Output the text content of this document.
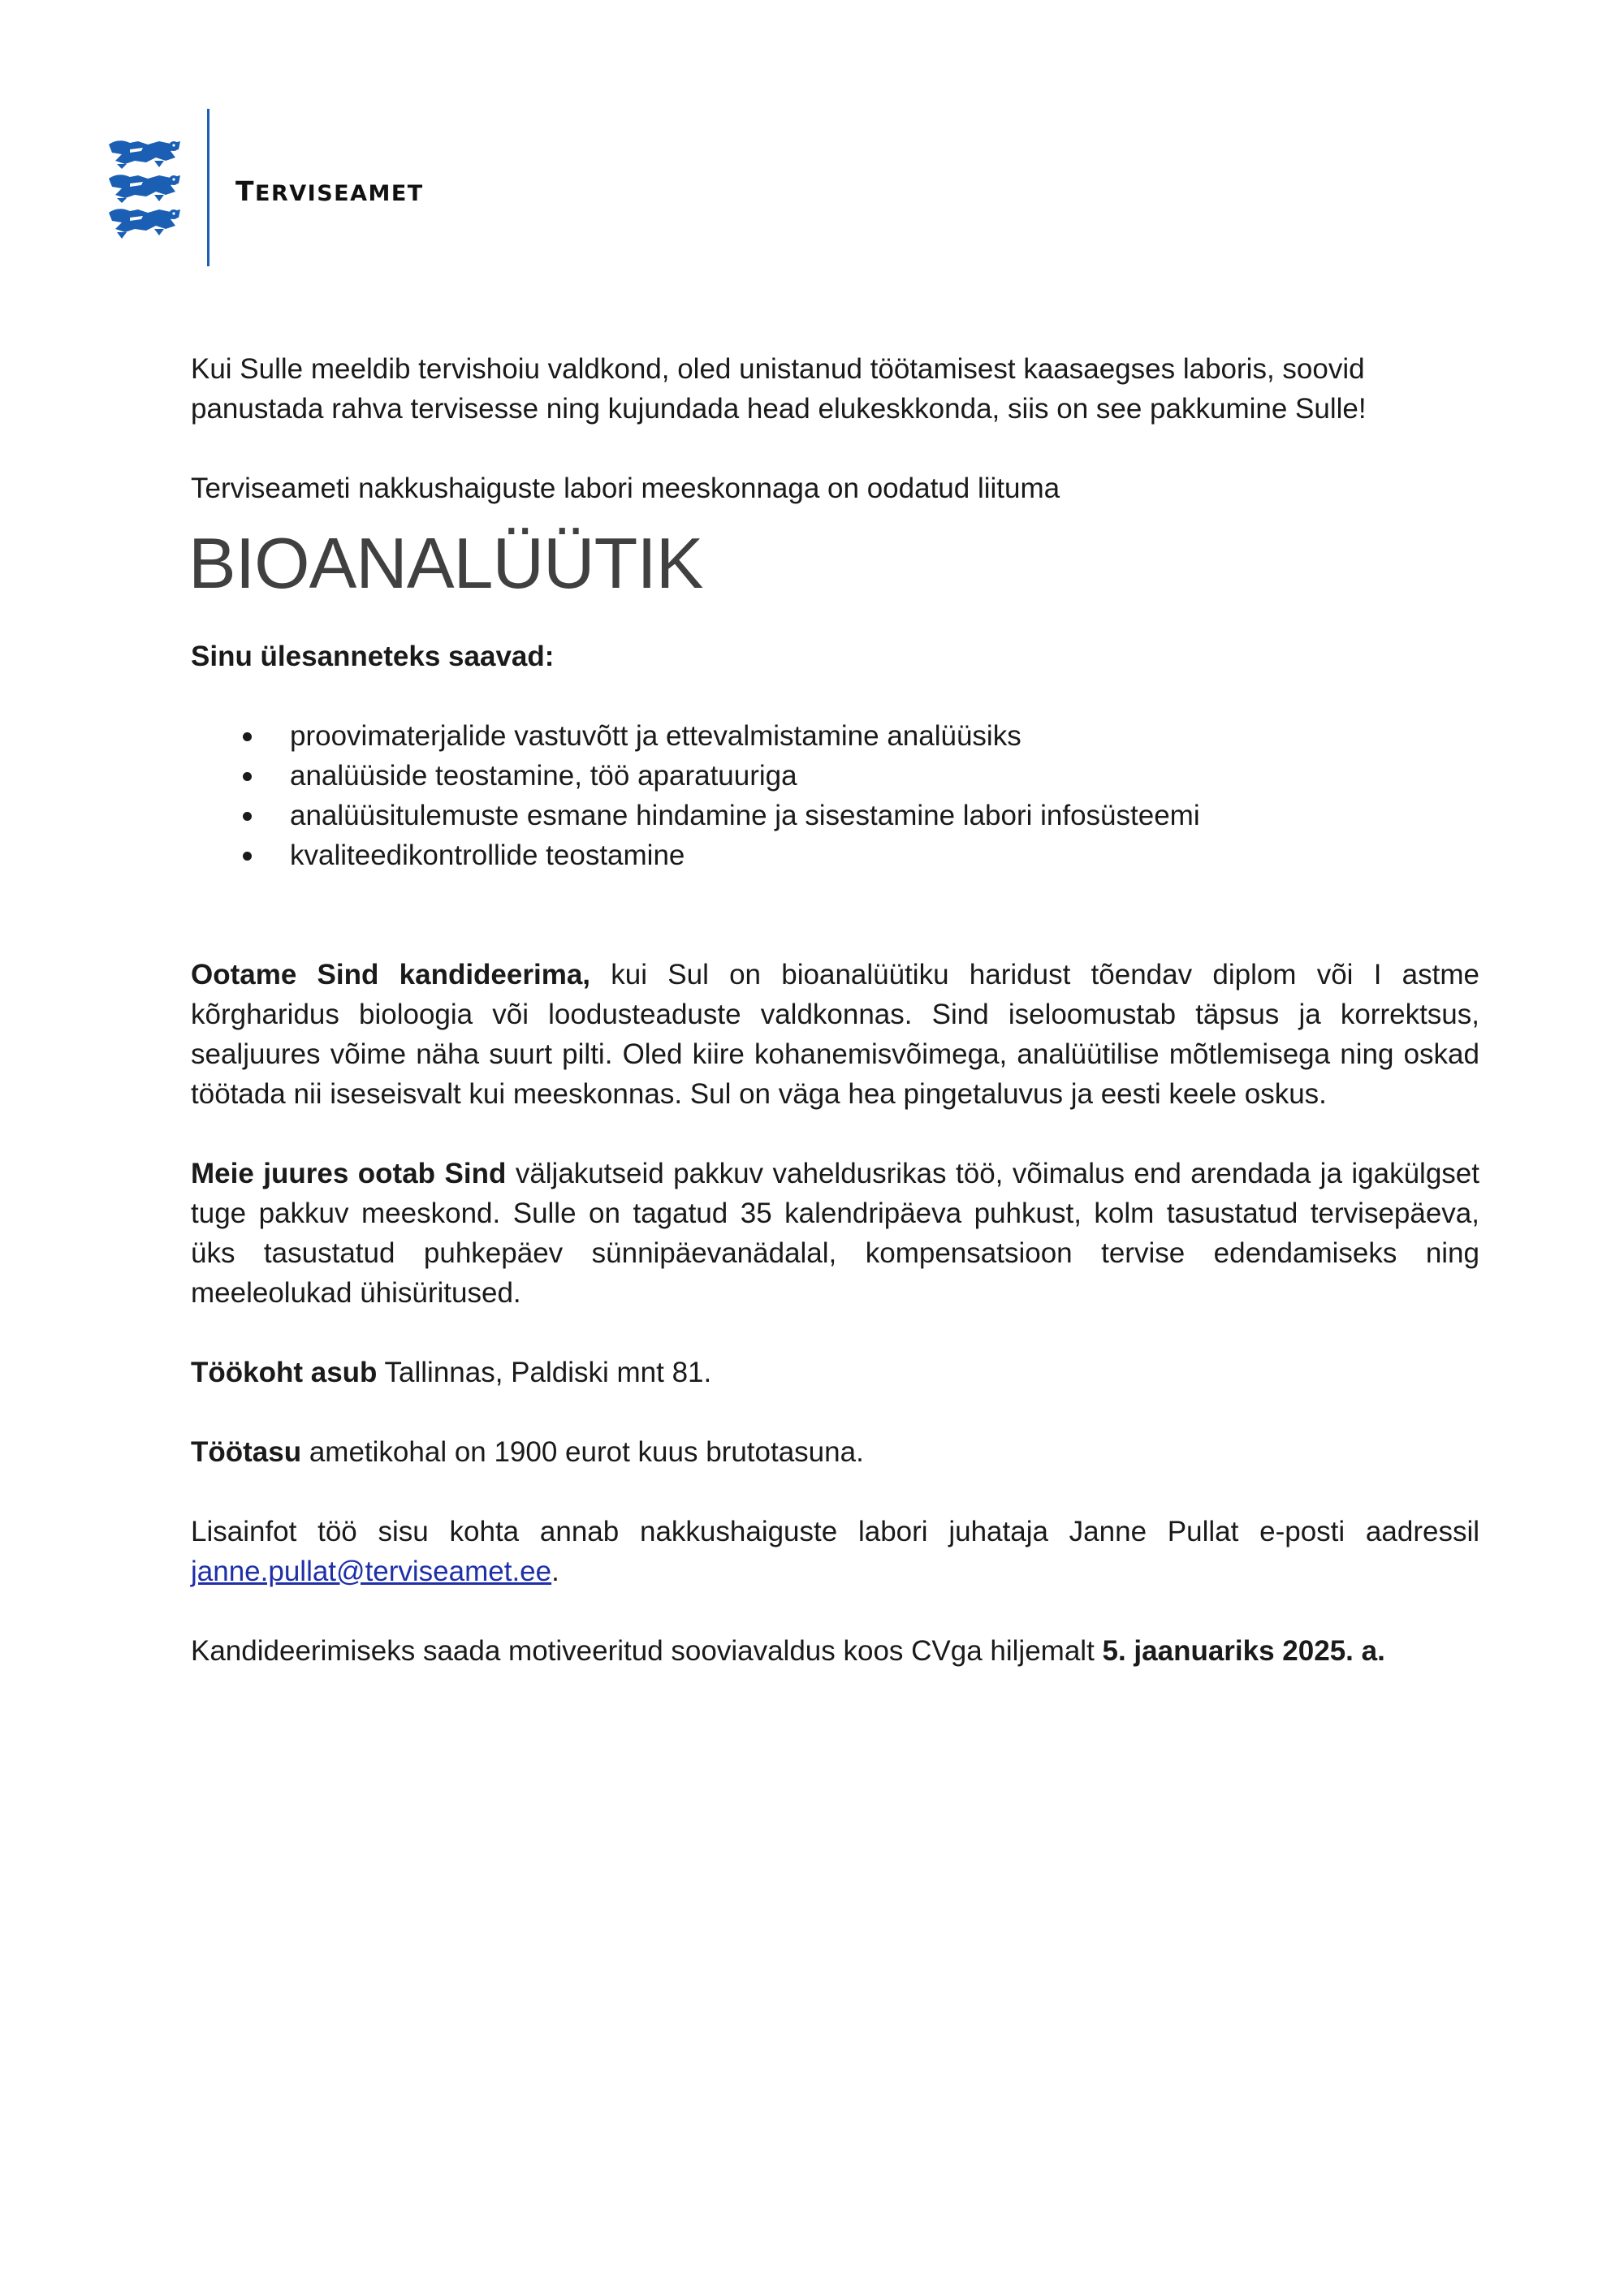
TERVISEAMET

Kui Sulle meeldib tervishoiu valdkond, oled unistanud töötamisest kaasaegses laboris, soovid panustada rahva tervisesse ning kujundada head elukeskkonda, siis on see pakkumine Sulle!

Terviseameti nakkushaiguste labori meeskonnaga on oodatud liituma

BIOANALÜÜTIK

Sinu ülesanneteks saavad:

proovimaterjalide vastuvõtt ja ettevalmistamine analüüsiks
analüüside teostamine, töö aparatuuriga
analüüsitulemuste esmane hindamine ja sisestamine labori infosüsteemi
kvaliteedikontrollide teostamine

Ootame Sind kandideerima, kui Sul on bioanalüütiku haridust tõendav diplom või I astme kõrgharidus bioloogia või loodusteaduste valdkonnas. Sind iseloomustab täpsus ja korrektsus, sealjuures võime näha suurt pilti. Oled kiire kohanemisvõimega, analüütilise mõtlemisega ning oskad töötada nii iseseisvalt kui meeskonnas. Sul on väga hea pingetaluvus ja eesti keele oskus.

Meie juures ootab Sind väljakutseid pakkuv vaheldusrikas töö, võimalus end arendada ja igakülgset tuge pakkuv meeskond. Sulle on tagatud 35 kalendripäeva puhkust, kolm tasustatud tervisepäeva, üks tasustatud puhkepäev sünnipäevanädalal, kompensatsioon tervise edendamiseks ning meeleolukad ühisüritused.

Töökoht asub Tallinnas, Paldiski mnt 81.

Töötasu ametikohal on 1900 eurot kuus brutotasuna.

Lisainfot töö sisu kohta annab nakkushaiguste labori juhataja Janne Pullat e-posti aadressil janne.pullat@terviseamet.ee.

Kandideerimiseks saada motiveeritud sooviavaldus koos CVga hiljemalt 5. jaanuariks 2025. a.
